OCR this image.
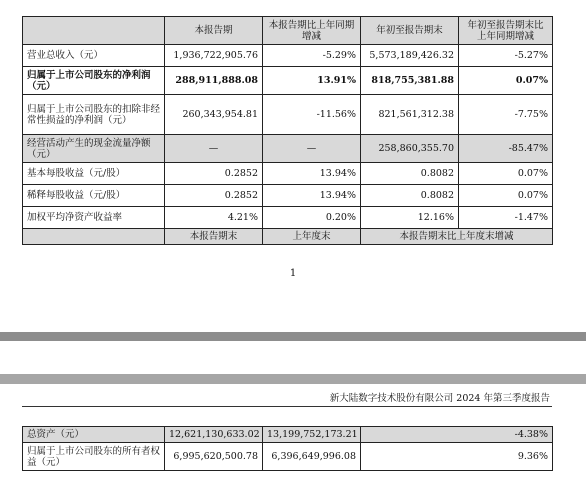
	本报告期	本报告期比上年同期增减	年初至报告期末	年初至报告期末比上年同期增减
营业总收入（元）	1,936,722,905.76	-5.29%	5,573,189,426.32	-5.27%
归属于上市公司股东的净利润（元）	288,911,888.08	13.91%	818,755,381.88	0.07%
归属于上市公司股东的扣除非经常性损益的净利润（元）	260,343,954.81	-11.56%	821,561,312.38	-7.75%
经营活动产生的现金流量净额（元）	—	—	258,860,355.70	-85.47%
基本每股收益（元/股）	0.2852	13.94%	0.8082	0.07%
稀释每股收益（元/股）	0.2852	13.94%	0.8082	0.07%
加权平均净资产收益率	4.21%	0.20%	12.16%	-1.47%
	本报告期末	上年度末	本报告期末比上年度末增减	
1
新大陆数字技术股份有限公司 2024 年第三季度报告
总资产（元）	12,621,130,633.02	13,199,752,173.21	-4.38%
归属于上市公司股东的所有者权益（元）	6,995,620,500.78	6,396,649,996.08	9.36%
